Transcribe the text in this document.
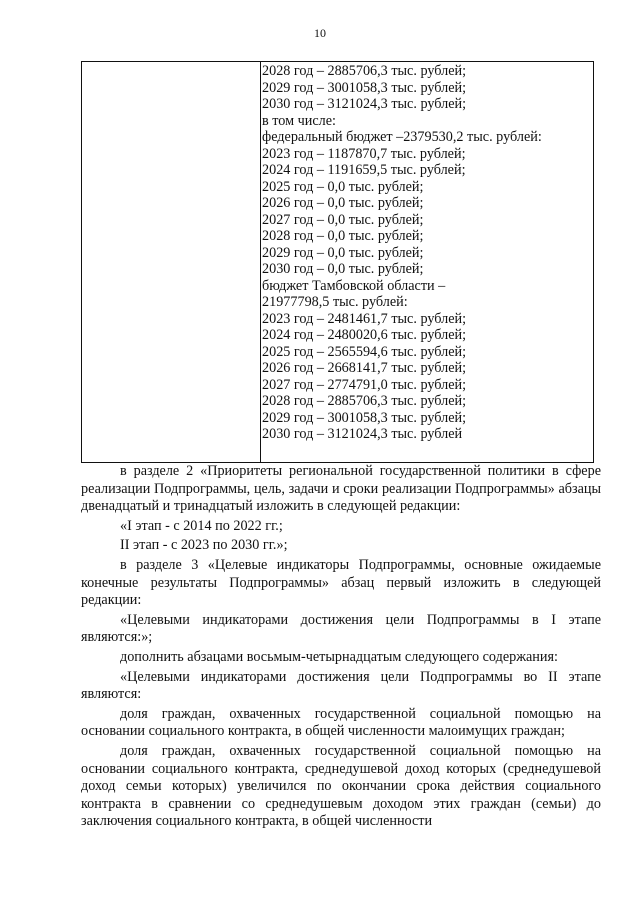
10
2028 год – 2885706,3 тыс. рублей;
2029 год – 3001058,3 тыс. рублей;
2030 год – 3121024,3 тыс. рублей;
в том числе:
федеральный бюджет –2379530,2 тыс. рублей:
2023 год – 1187870,7 тыс. рублей;
2024 год – 1191659,5 тыс. рублей;
2025 год – 0,0 тыс. рублей;
2026 год – 0,0 тыс. рублей;
2027 год – 0,0 тыс. рублей;
2028 год – 0,0 тыс. рублей;
2029 год – 0,0 тыс. рублей;
2030 год – 0,0 тыс. рублей;
бюджет Тамбовской области –
21977798,5 тыс. рублей:
2023 год – 2481461,7 тыс. рублей;
2024 год – 2480020,6 тыс. рублей;
2025 год – 2565594,6 тыс. рублей;
2026 год – 2668141,7 тыс. рублей;
2027 год – 2774791,0 тыс. рублей;
2028 год – 2885706,3 тыс. рублей;
2029 год – 3001058,3 тыс. рублей;
2030 год – 3121024,3 тыс. рублей

в разделе 2 «Приоритеты региональной государственной политики в сфере реализации Подпрограммы, цель, задачи и сроки реализации Подпрограммы» абзацы двенадцатый и тринадцатый изложить в следующей редакции:

«I этап - с 2014 по 2022 гг.;

II этап - с 2023 по 2030 гг.»;

в разделе 3 «Целевые индикаторы Подпрограммы, основные ожидаемые конечные результаты Подпрограммы» абзац первый изложить в следующей редакции:

«Целевыми индикаторами достижения цели Подпрограммы в I этапе являются:»;

дополнить абзацами восьмым-четырнадцатым следующего содержания:

«Целевыми индикаторами достижения цели Подпрограммы во II этапе являются:

доля граждан, охваченных государственной социальной помощью на основании социального контракта, в общей численности малоимущих граждан;

доля граждан, охваченных государственной социальной помощью на основании социального контракта, среднедушевой доход которых (среднедушевой доход семьи которых) увеличился по окончании срока действия социального контракта в сравнении со среднедушевым доходом этих граждан (семьи) до заключения социального контракта, в общей численности
